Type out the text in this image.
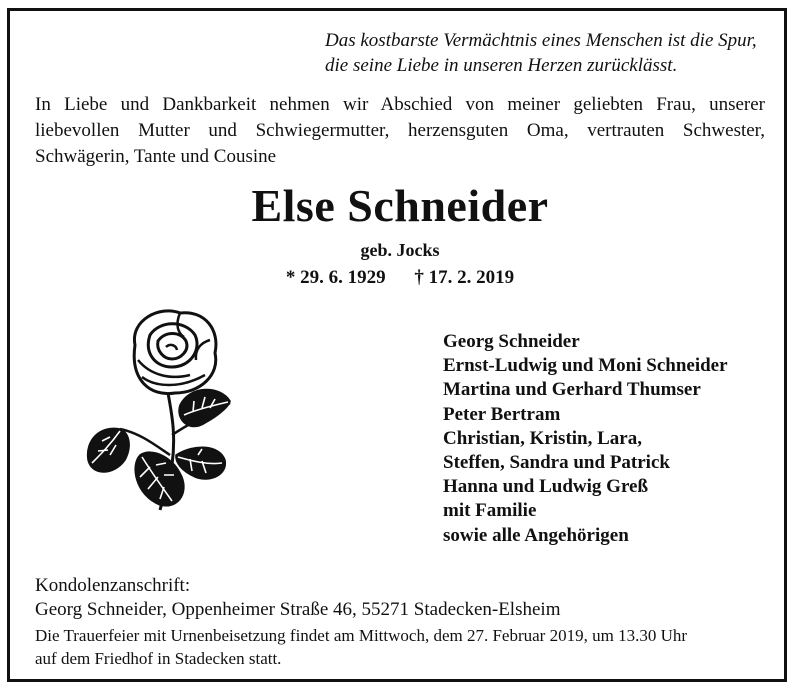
Das kostbarste Vermächtnis eines Menschen ist die Spur,
die seine Liebe in unseren Herzen zurücklässt.
In Liebe und Dankbarkeit nehmen wir Abschied von meiner geliebten Frau, unserer
liebevollen Mutter und Schwiegermutter, herzensguten Oma, vertrauten Schwester,
Schwägerin, Tante und Cousine
Else Schneider
geb. Jocks
* 29. 6. 1929 † 17. 2. 2019
Georg Schneider
Ernst-Ludwig und Moni Schneider
Martina und Gerhard Thumser
Peter Bertram
Christian, Kristin, Lara,
Steffen, Sandra und Patrick
Hanna und Ludwig Greß
mit Familie
sowie alle Angehörigen
Kondolenzanschrift:
Georg Schneider, Oppenheimer Straße 46, 55271 Stadecken-Elsheim
Die Trauerfeier mit Urnenbeisetzung findet am Mittwoch, dem 27. Februar 2019, um 13.30 Uhr
auf dem Friedhof in Stadecken statt.
